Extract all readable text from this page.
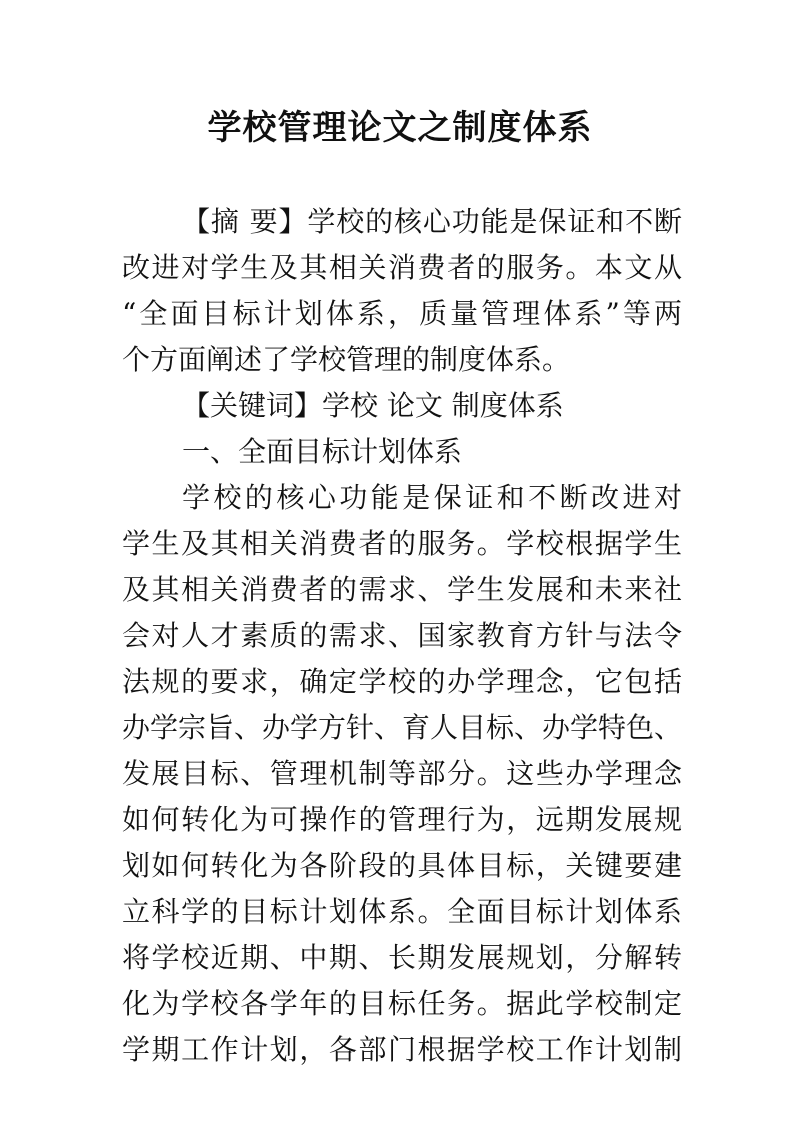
学校管理论文之制度体系
【摘 要】学校的核心功能是保证和不断
改进对学生及其相关消费者的服务。本文从
“全面目标计划体系，质量管理体系”等两
个方面阐述了学校管理的制度体系。
【关键词】学校 论文 制度体系
一、全面目标计划体系
学校的核心功能是保证和不断改进对
学生及其相关消费者的服务。学校根据学生
及其相关消费者的需求、学生发展和未来社
会对人才素质的需求、国家教育方针与法令
法规的要求，确定学校的办学理念，它包括
办学宗旨、办学方针、育人目标、办学特色、
发展目标、管理机制等部分。这些办学理念
如何转化为可操作的管理行为，远期发展规
划如何转化为各阶段的具体目标，关键要建
立科学的目标计划体系。全面目标计划体系
将学校近期、中期、长期发展规划，分解转
化为学校各学年的目标任务。据此学校制定
学期工作计划，各部门根据学校工作计划制
